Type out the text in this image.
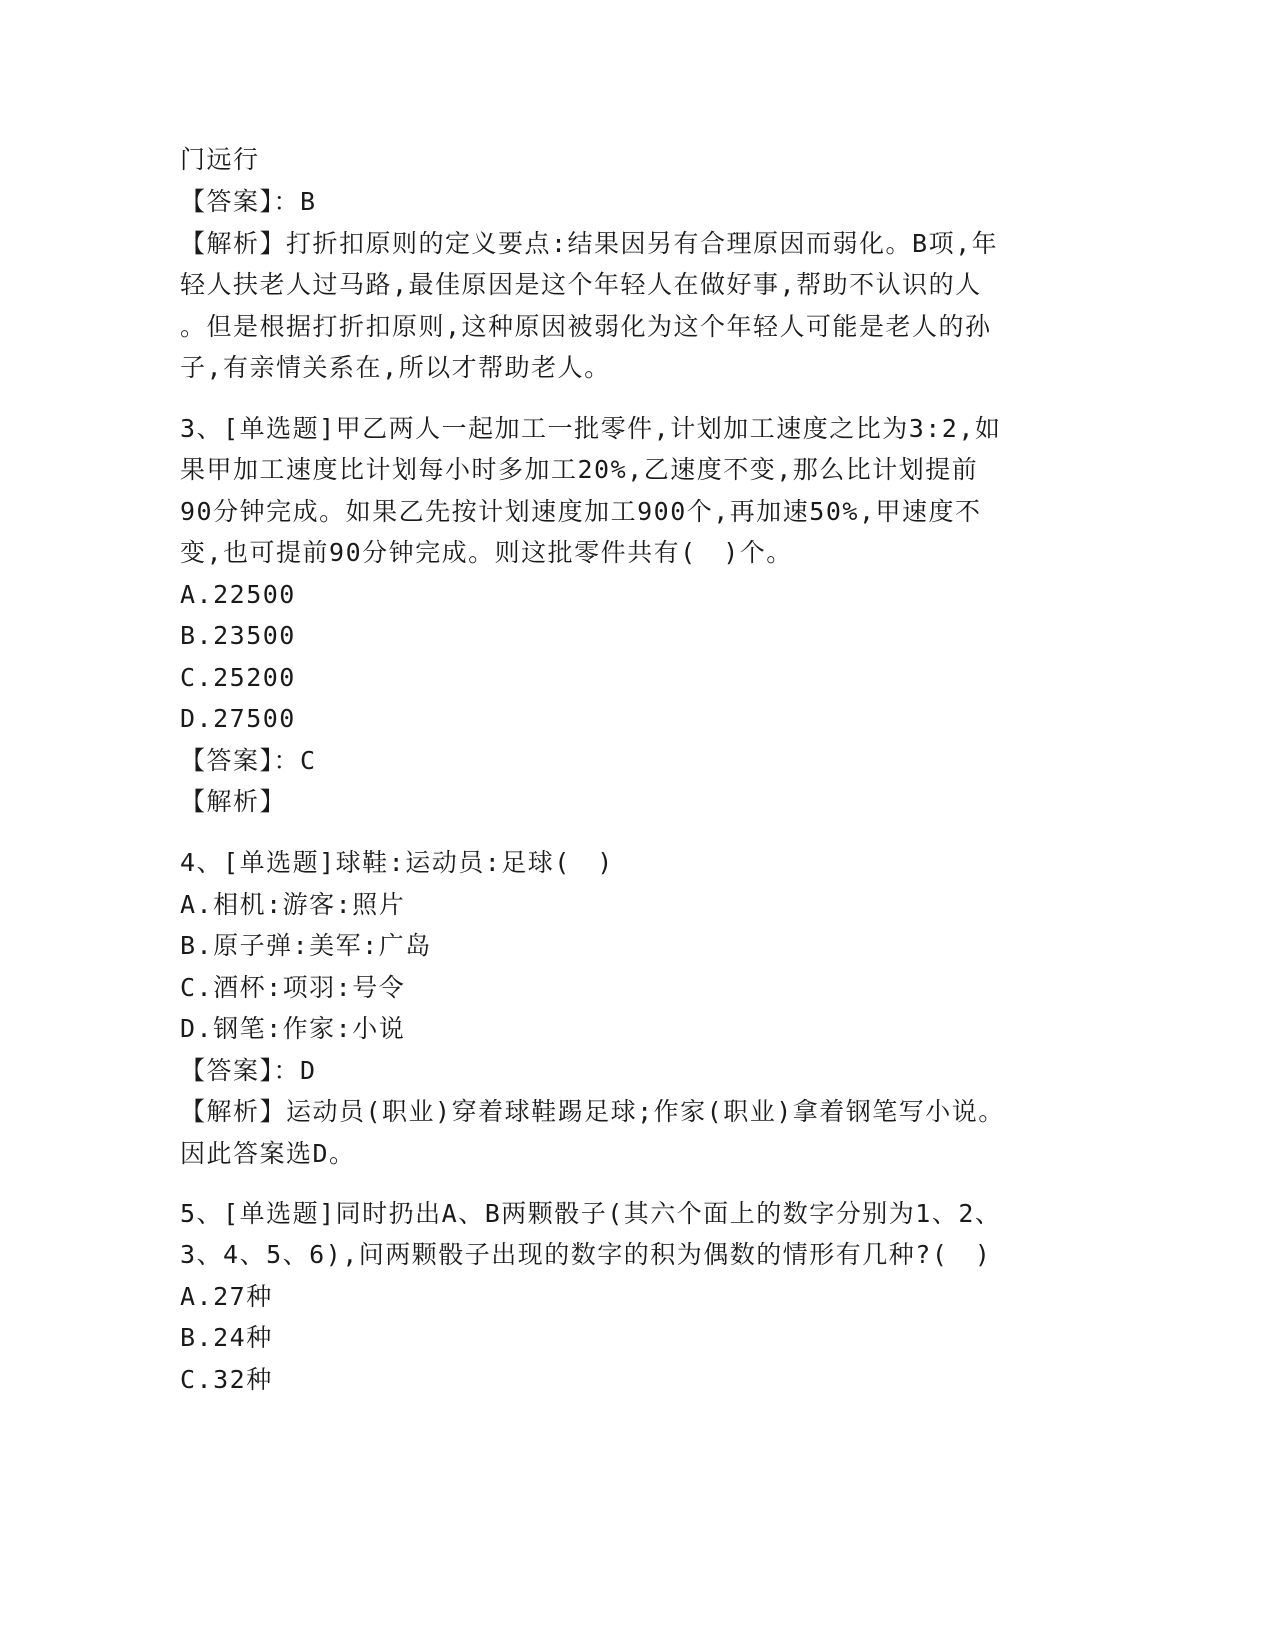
门远行
【答案】：B
【解析】打折扣原则的定义要点:结果因另有合理原因而弱化。B项,年
轻人扶老人过马路,最佳原因是这个年轻人在做好事,帮助不认识的人
。但是根据打折扣原则,这种原因被弱化为这个年轻人可能是老人的孙
子,有亲情关系在,所以才帮助老人。
3、[单选题]甲乙两人一起加工一批零件,计划加工速度之比为3:2,如
果甲加工速度比计划每小时多加工20%,乙速度不变,那么比计划提前
90分钟完成。如果乙先按计划速度加工900个,再加速50%,甲速度不
变,也可提前90分钟完成。则这批零件共有(　)个。
A.22500
B.23500
C.25200
D.27500
【答案】：C
【解析】
4、[单选题]球鞋:运动员:足球(　)
A.相机:游客:照片
B.原子弹:美军:广岛
C.酒杯:项羽:号令
D.钢笔:作家:小说
【答案】：D
【解析】运动员(职业)穿着球鞋踢足球;作家(职业)拿着钢笔写小说。
因此答案选D。
5、[单选题]同时扔出A、B两颗骰子(其六个面上的数字分别为1、2、
3、4、5、6),问两颗骰子出现的数字的积为偶数的情形有几种?(　)
A.27种
B.24种
C.32种
